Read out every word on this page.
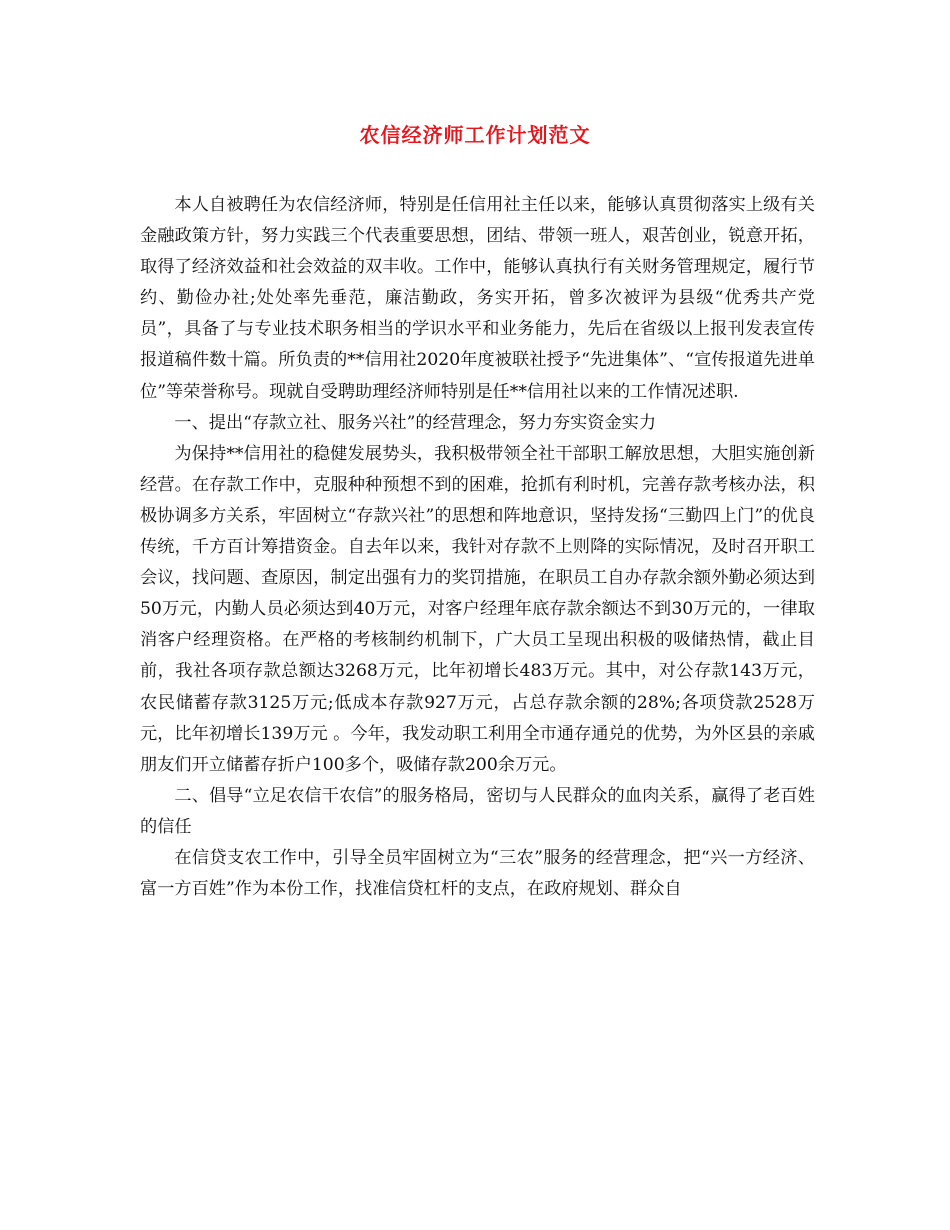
农信经济师工作计划范文

本人自被聘任为农信经济师，特别是任信用社主任以来，能够认真贯彻落实上级有关金融政策方针，努力实践三个代表重要思想，团结、带领一班人，艰苦创业，锐意开拓，取得了经济效益和社会效益的双丰收。工作中，能够认真执行有关财务管理规定，履行节约、勤俭办社;处处率先垂范，廉洁勤政，务实开拓，曾多次被评为县级“优秀共产党员”，具备了与专业技术职务相当的学识水平和业务能力，先后在省级以上报刊发表宣传报道稿件数十篇。所负责的**信用社2020年度被联社授予“先进集体”、“宣传报道先进单位”等荣誉称号。现就自受聘助理经济师特别是任**信用社以来的工作情况述职.

一、提出“存款立社、服务兴社”的经营理念，努力夯实资金实力

为保持**信用社的稳健发展势头，我积极带领全社干部职工解放思想，大胆实施创新经营。在存款工作中，克服种种预想不到的困难，抢抓有利时机，完善存款考核办法，积极协调多方关系，牢固树立“存款兴社”的思想和阵地意识，坚持发扬“三勤四上门”的优良传统，千方百计筹措资金。自去年以来，我针对存款不上则降的实际情况，及时召开职工会议，找问题、查原因，制定出强有力的奖罚措施，在职员工自办存款余额外勤必须达到50万元，内勤人员必须达到40万元，对客户经理年底存款余额达不到30万元的，一律取消客户经理资格。在严格的考核制约机制下，广大员工呈现出积极的吸储热情，截止目前，我社各项存款总额达3268万元，比年初增长483万元。其中，对公存款143万元，农民储蓄存款3125万元;低成本存款927万元，占总存款余额的28%;各项贷款2528万元，比年初增长139万元 。今年，我发动职工利用全市通存通兑的优势，为外区县的亲戚朋友们开立储蓄存折户100多个，吸储存款200余万元。

二、倡导“立足农信干农信”的服务格局，密切与人民群众的血肉关系，赢得了老百姓的信任

在信贷支农工作中，引导全员牢固树立为“三农”服务的经营理念，把“兴一方经济、富一方百姓”作为本份工作，找准信贷杠杆的支点，在政府规划、群众自
